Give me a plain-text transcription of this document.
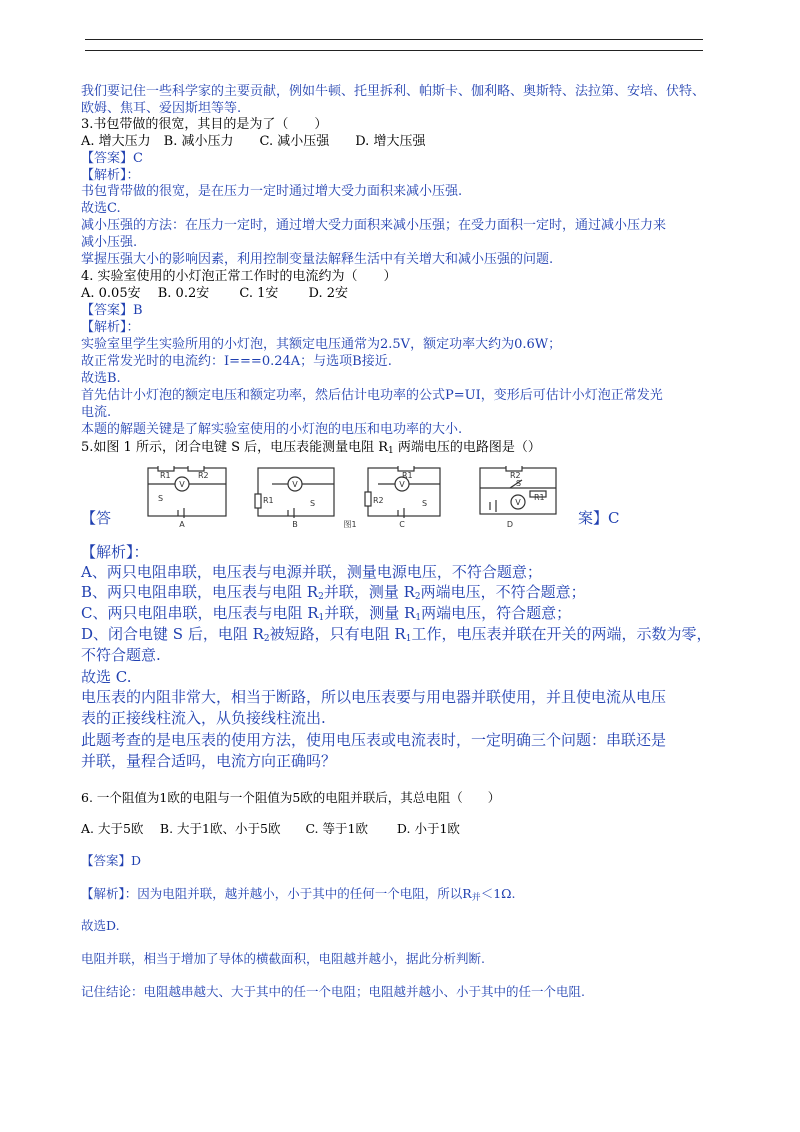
我们要记住一些科学家的主要贡献，例如牛顿、托里拆利、帕斯卡、伽利略、奥斯特、法拉第、安培、伏特、
欧姆、焦耳、爱因斯坦等等.
3.书包带做的很宽，其目的是为了（　　）
A. 增大压力　B. 减小压力　　C. 减小压强　　D. 增大压强
【答案】C
【解析】：
书包背带做的很宽，是在压力一定时通过增大受力面积来减小压强.
故选C.
减小压强的方法：在压力一定时，通过增大受力面积来减小压强；在受力面积一定时，通过减小压力来
减小压强.
掌握压强大小的影响因素，利用控制变量法解释生活中有关增大和减小压强的问题.
4. 实验室使用的小灯泡正常工作时的电流约为（　　）
A. 0.05安　 B. 0.2安　　 C. 1安　　 D. 2安
【答案】B
【解析】：
实验室里学生实验所用的小灯泡，其额定电压通常为2.5V，额定功率大约为0.6W；
故正常发光时的电流约：I===0.24A；与选项B接近.
故选B.
首先估计小灯泡的额定电压和额定功率，然后估计电功率的公式P=UI，变形后可估计小灯泡正常发光
电流.
本题的解题关键是了解实验室使用的小灯泡的电压和电功率的大小.
5.如图 1 所示，闭合电键 S 后，电压表能测量电阻 $R_1$ 两端电压的电路图是（）
V	V	V
V
R1	R2
R1	R2
R1	R2
R1
S
S	S
S
A	B	图1	C	D
【答	案】C
【解析】：
A、两只电阻串联，电压表与电源并联，测量电源电压，不符合题意；
B、两只电阻串联，电压表与电阻 $R_2$并联，测量 $R_2$两端电压，不符合题意；
C、两只电阻串联，电压表与电阻 $R_1$并联，测量 $R_1$两端电压，符合题意；
D、闭合电键 S 后，电阻 $R_2$被短路，只有电阻 $R_1$工作，电压表并联在开关的两端，示数为零，
不符合题意.
故选 C.
电压表的内阻非常大，相当于断路，所以电压表要与用电器并联使用，并且使电流从电压
表的正接线柱流入，从负接线柱流出.
此题考查的是电压表的使用方法，使用电压表或电流表时，一定明确三个问题：串联还是
并联，量程合适吗，电流方向正确吗？
6. 一个阻值为1欧的电阻与一个阻值为5欧的电阻并联后，其总电阻（　　）
A. 大于5欧　 B. 大于1欧、小于5欧　　C. 等于1欧　　 D. 小于1欧
【答案】D
【解析】：因为电阻并联，越并越小，小于其中的任何一个电阻，所以$R_并<1\Omega$.
故选D.
电阻并联，相当于增加了导体的横截面积，电阻越并越小，据此分析判断.
记住结论：电阻越串越大、大于其中的任一个电阻；电阻越并越小、小于其中的任一个电阻.
